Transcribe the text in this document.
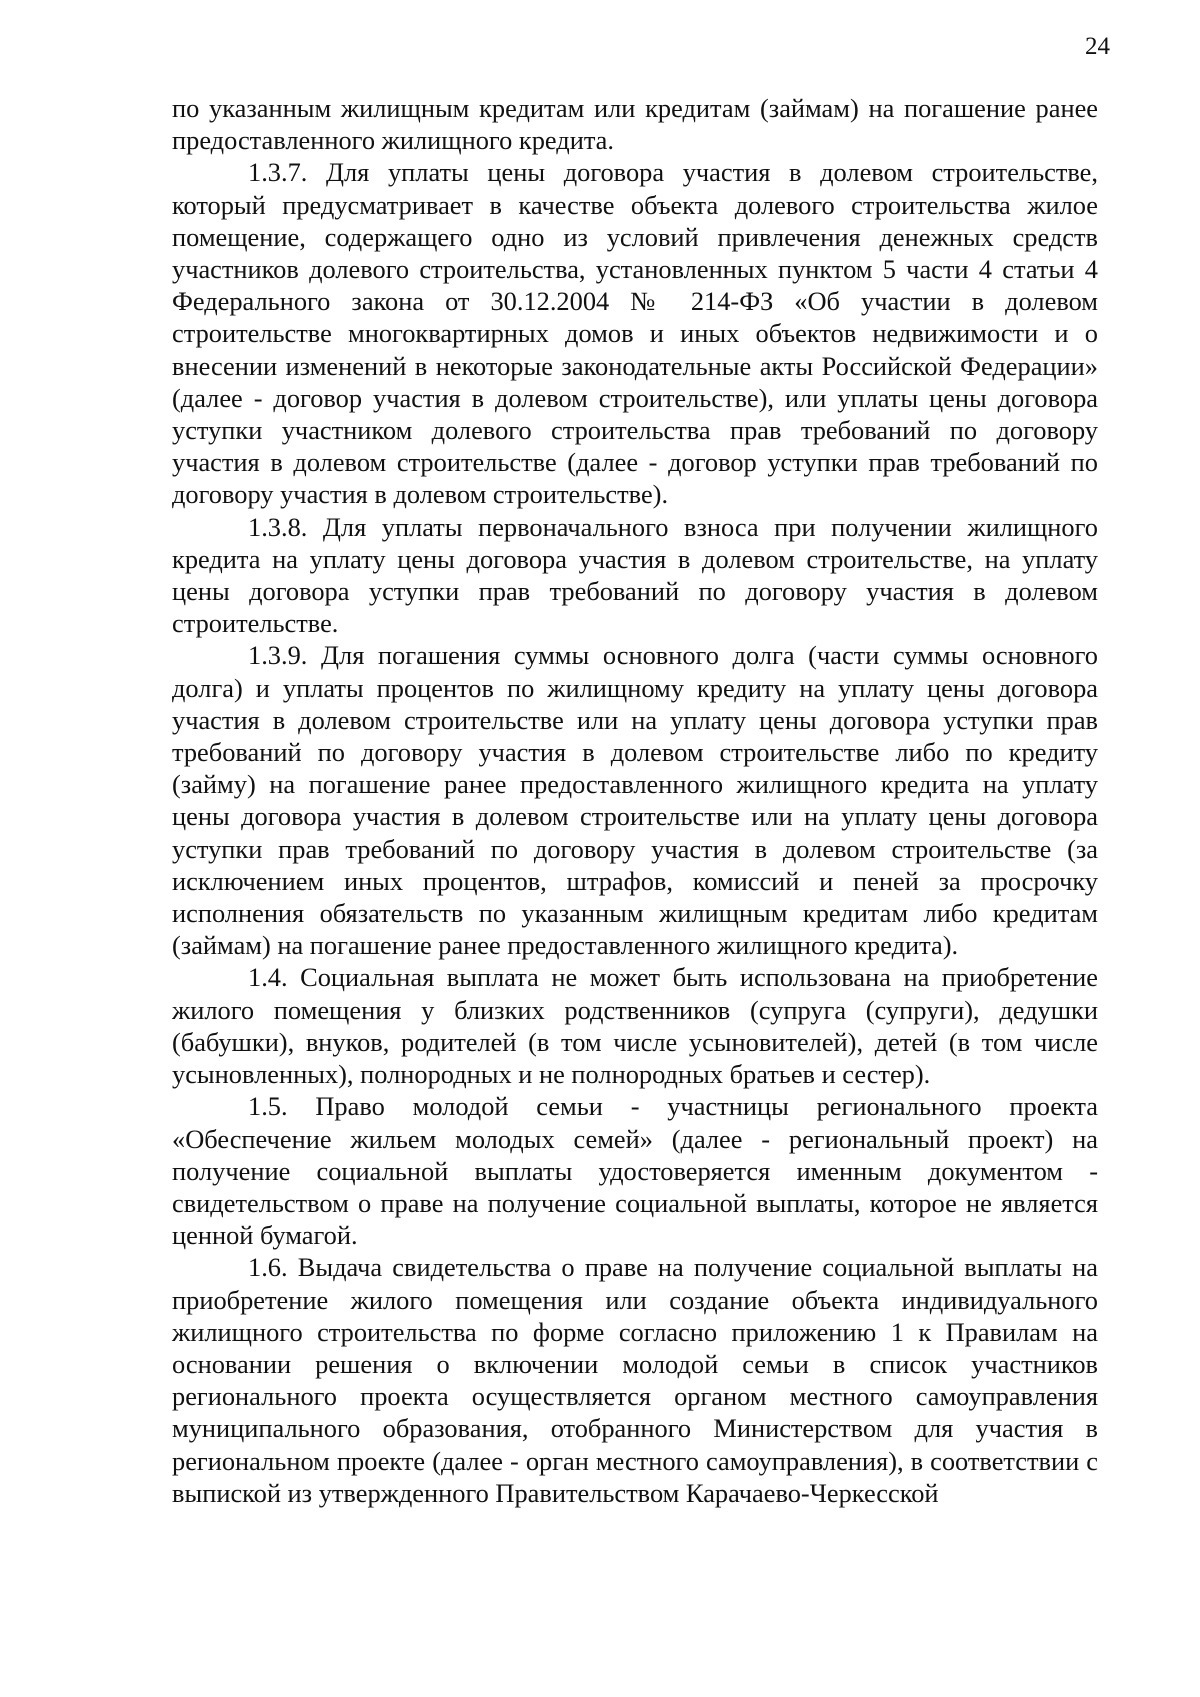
24

по указанным жилищным кредитам или кредитам (займам) на погашение ранее предоставленного жилищного кредита.

1.3.7. Для уплаты цены договора участия в долевом строительстве, который предусматривает в качестве объекта долевого строительства жилое помещение, содержащего одно из условий привлечения денежных средств участников долевого строительства, установленных пунктом 5 части 4 статьи 4 Федерального закона от 30.12.2004 № 214-ФЗ «Об участии в долевом строительстве многоквартирных домов и иных объектов недвижимости и о внесении изменений в некоторые законодательные акты Российской Федерации» (далее - договор участия в долевом строительстве), или уплаты цены договора уступки участником долевого строительства прав требований по договору участия в долевом строительстве (далее - договор уступки прав требований по договору участия в долевом строительстве).

1.3.8. Для уплаты первоначального взноса при получении жилищного кредита на уплату цены договора участия в долевом строительстве, на уплату цены договора уступки прав требований по договору участия в долевом строительстве.

1.3.9. Для погашения суммы основного долга (части суммы основного долга) и уплаты процентов по жилищному кредиту на уплату цены договора участия в долевом строительстве или на уплату цены договора уступки прав требований по договору участия в долевом строительстве либо по кредиту (займу) на погашение ранее предоставленного жилищного кредита на уплату цены договора участия в долевом строительстве или на уплату цены договора уступки прав требований по договору участия в долевом строительстве (за исключением иных процентов, штрафов, комиссий и пеней за просрочку исполнения обязательств по указанным жилищным кредитам либо кредитам (займам) на погашение ранее предоставленного жилищного кредита).

1.4. Социальная выплата не может быть использована на приобретение жилого помещения у близких родственников (супруга (супруги), дедушки (бабушки), внуков, родителей (в том числе усыновителей), детей (в том числе усыновленных), полнородных и не полнородных братьев и сестер).

1.5. Право молодой семьи - участницы регионального проекта «Обеспечение жильем молодых семей» (далее - региональный проект) на получение социальной выплаты удостоверяется именным документом - свидетельством о праве на получение социальной выплаты, которое не является ценной бумагой.

1.6. Выдача свидетельства о праве на получение социальной выплаты на приобретение жилого помещения или создание объекта индивидуального жилищного строительства по форме согласно приложению 1 к Правилам на основании решения о включении молодой семьи в список участников регионального проекта осуществляется органом местного самоуправления муниципального образования, отобранного Министерством для участия в региональном проекте (далее - орган местного самоуправления), в соответствии с выпиской из утвержденного Правительством Карачаево-Черкесской
